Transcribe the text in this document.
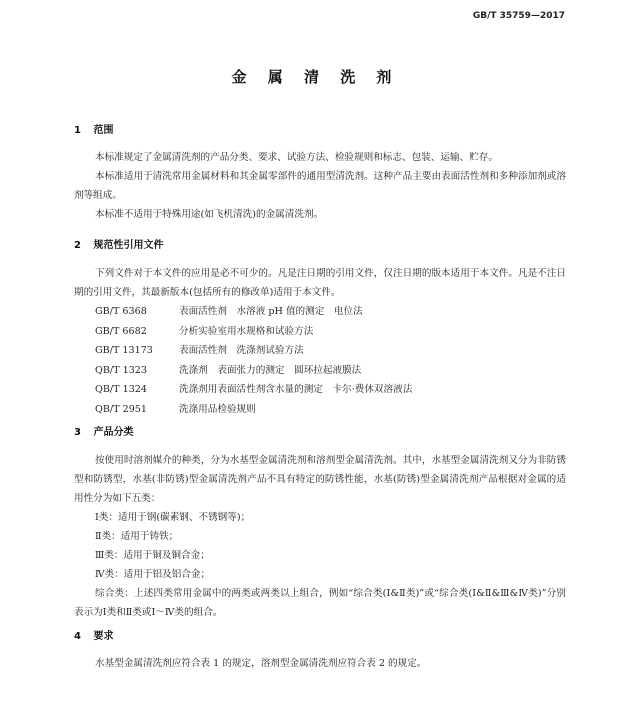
GB/T 35759—2017
金 属 清 洗 剂
1 范围

本标准规定了金属清洗剂的产品分类、要求、试验方法、检验规则和标志、包装、运输、贮存。

本标准适用于清洗常用金属材料和其金属零部件的通用型清洗剂。这种产品主要由表面活性剂和多种添加剂或溶剂等组成。

本标准不适用于特殊用途(如飞机清洗)的金属清洗剂。

2 规范性引用文件

下列文件对于本文件的应用是必不可少的。凡是注日期的引用文件，仅注日期的版本适用于本文件。凡是不注日期的引用文件，其最新版本(包括所有的修改单)适用于本文件。

GB/T 6368	表面活性剂　水溶液 pH 值的测定　电位法
GB/T 6682	分析实验室用水规格和试验方法
GB/T 13173	表面活性剂　洗涤剂试验方法
QB/T 1323	洗涤剂　表面张力的测定　圆环拉起液膜法
QB/T 1324	洗涤剂用表面活性剂含水量的测定　卡尔·费休双溶液法
QB/T 2951	洗涤用品检验规则
3 产品分类

按使用时溶剂媒介的种类，分为水基型金属清洗剂和溶剂型金属清洗剂。其中，水基型金属清洗剂又分为非防锈型和防锈型，水基(非防锈)型金属清洗剂产品不具有特定的防锈性能，水基(防锈)型金属清洗剂产品根据对金属的适用性分为如下五类：

Ⅰ类：适用于钢(碳素钢、不锈钢等)；
Ⅱ类：适用于铸铁；
Ⅲ类：适用于铜及铜合金；
Ⅳ类：适用于铝及铝合金；

综合类：上述四类常用金属中的两类或两类以上组合，例如“综合类(Ⅰ&Ⅱ类)”或“综合类(Ⅰ&Ⅱ&Ⅲ&Ⅳ类)”分别表示为Ⅰ类和Ⅱ类或Ⅰ～Ⅳ类的组合。

4 要求

水基型金属清洗剂应符合表 1 的规定，溶剂型金属清洗剂应符合表 2 的规定。
